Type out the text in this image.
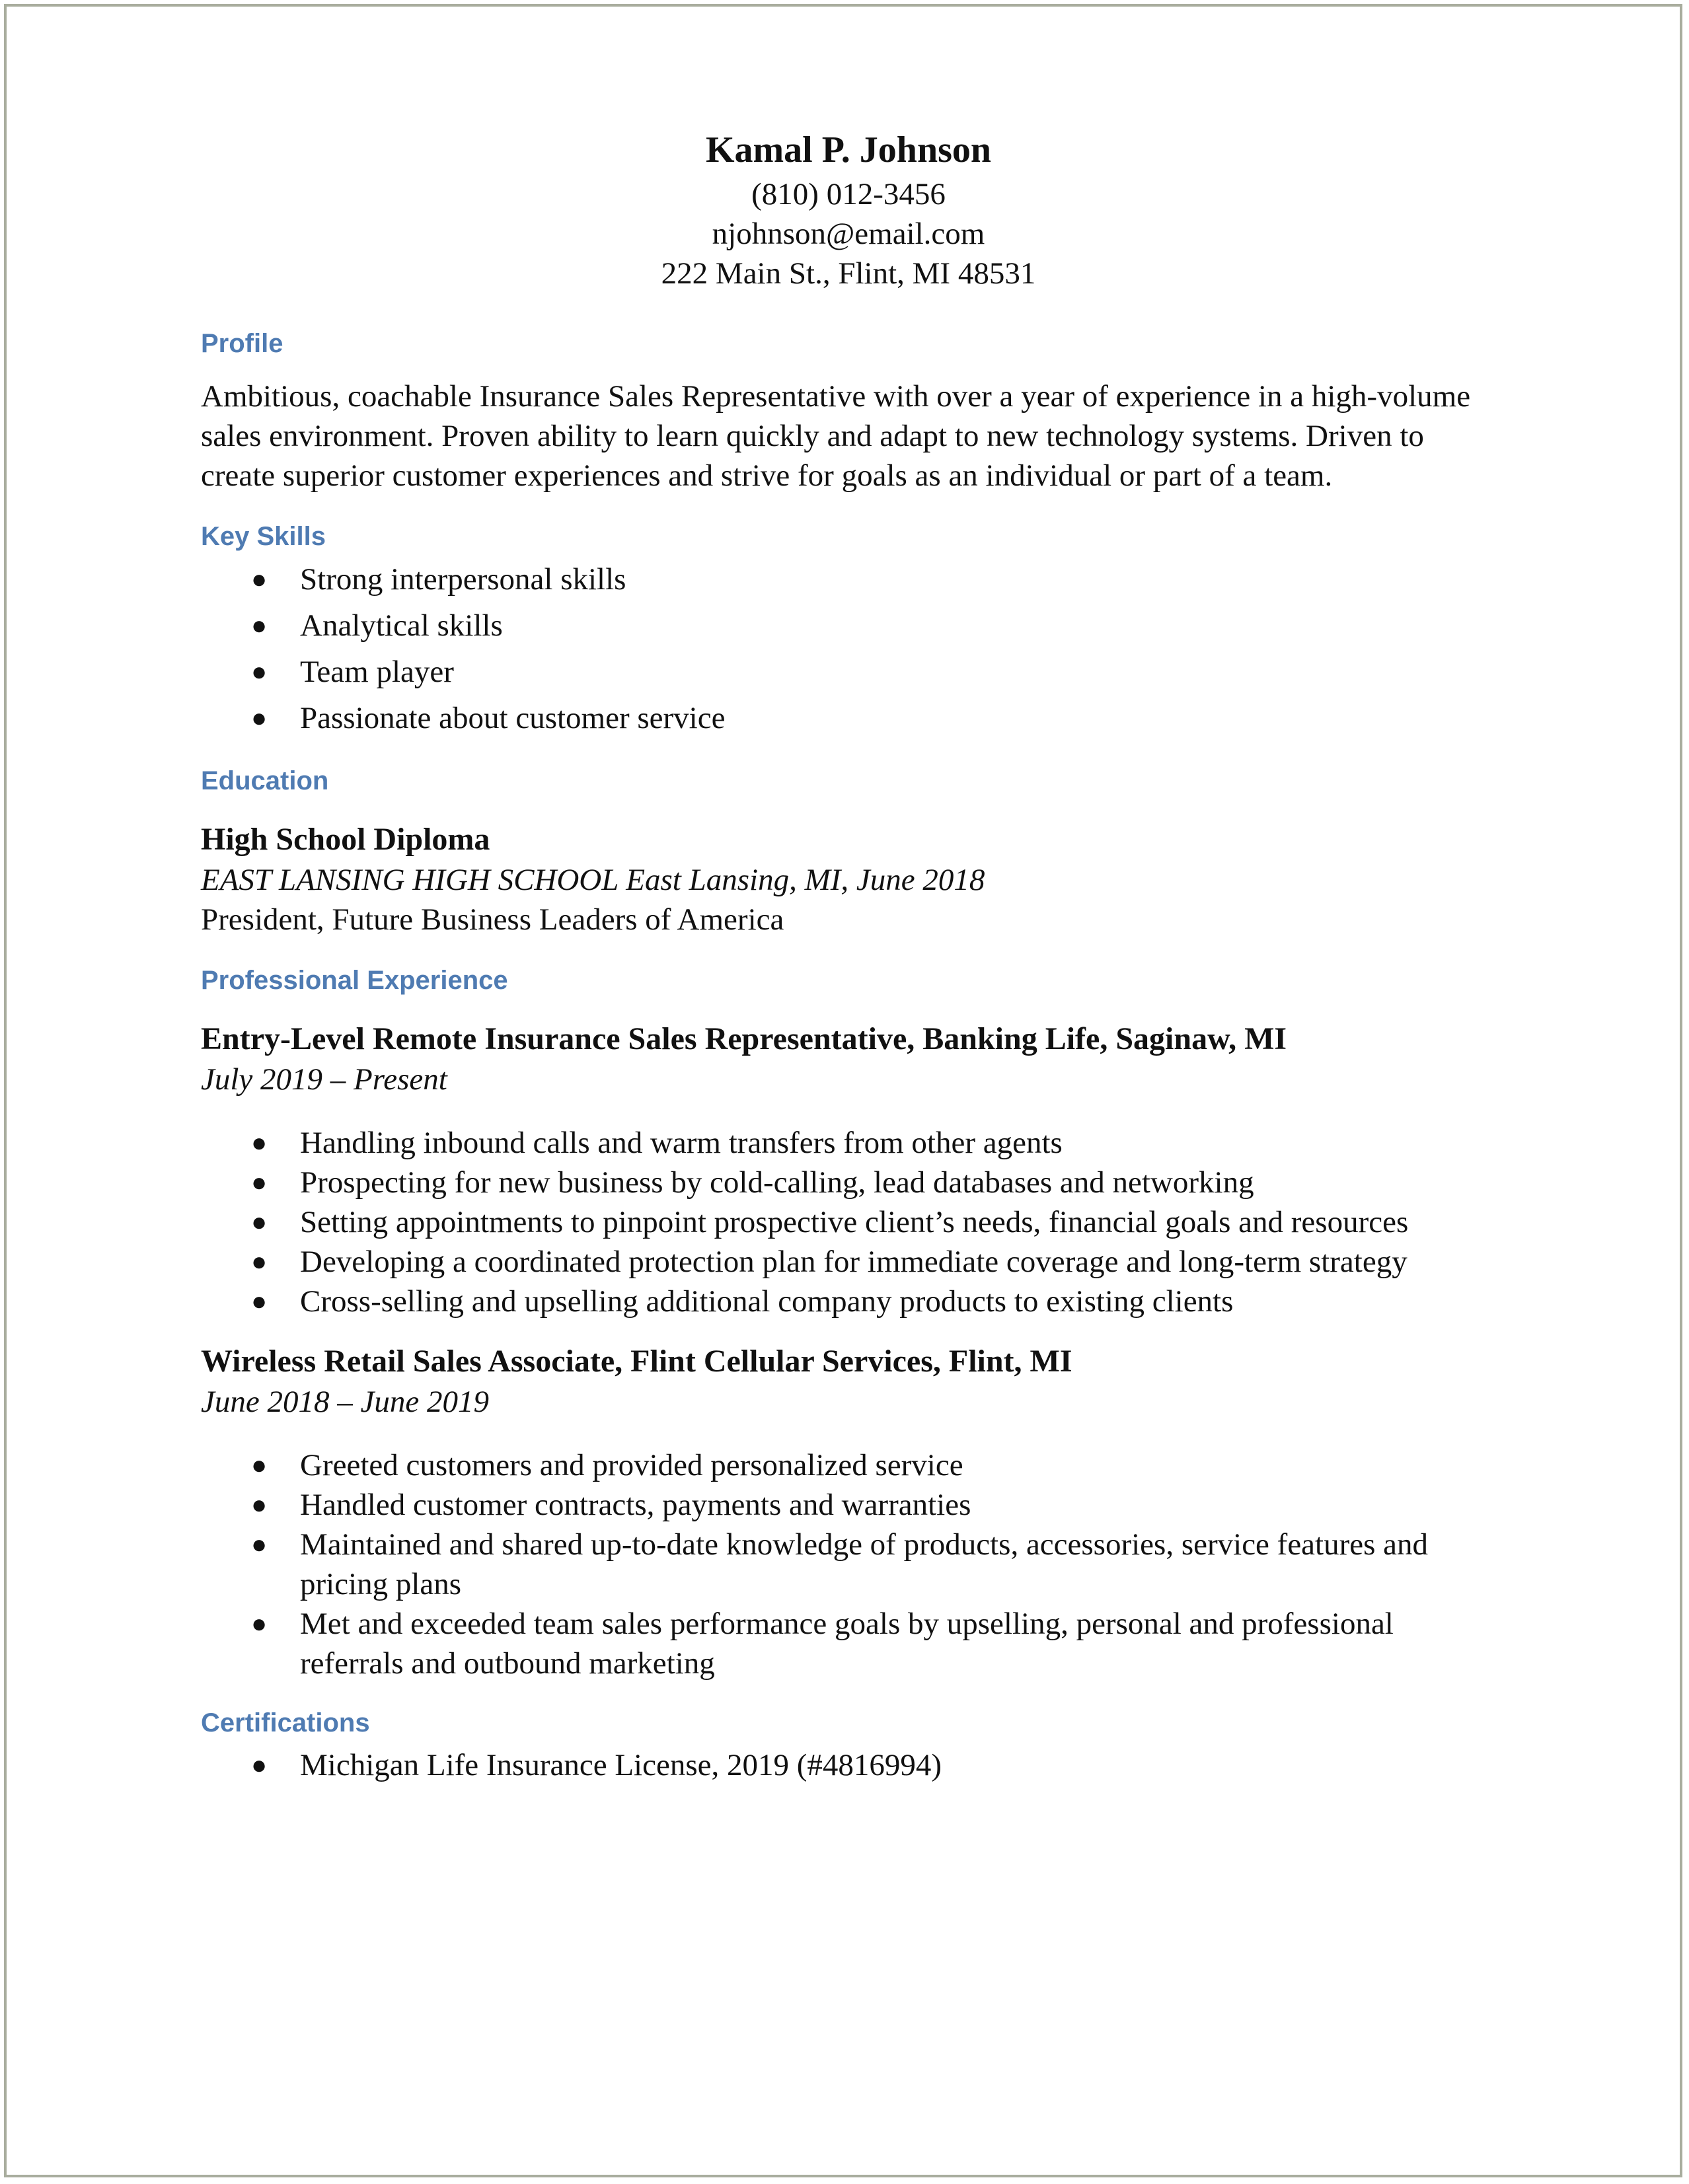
Kamal P. Johnson

(810) 012-3456

njohnson@email.com

222 Main St., Flint, MI 48531

Profile

Ambitious, coachable Insurance Sales Representative with over a year of experience in a high-volume sales environment. Proven ability to learn quickly and adapt to new technology systems. Driven to create superior customer experiences and strive for goals as an individual or part of a team.

Key Skills

● Strong interpersonal skills
● Analytical skills
● Team player
● Passionate about customer service

Education

High School Diploma

EAST LANSING HIGH SCHOOL East Lansing, MI, June 2018

President, Future Business Leaders of America

Professional Experience

Entry-Level Remote Insurance Sales Representative, Banking Life, Saginaw, MI

July 2019 – Present

● Handling inbound calls and warm transfers from other agents
● Prospecting for new business by cold-calling, lead databases and networking
● Setting appointments to pinpoint prospective client’s needs, financial goals and resources
● Developing a coordinated protection plan for immediate coverage and long-term strategy
● Cross-selling and upselling additional company products to existing clients

Wireless Retail Sales Associate, Flint Cellular Services, Flint, MI

June 2018 – June 2019

● Greeted customers and provided personalized service
● Handled customer contracts, payments and warranties
● Maintained and shared up-to-date knowledge of products, accessories, service features and pricing plans
● Met and exceeded team sales performance goals by upselling, personal and professional referrals and outbound marketing

Certifications

● Michigan Life Insurance License, 2019 (#4816994)
